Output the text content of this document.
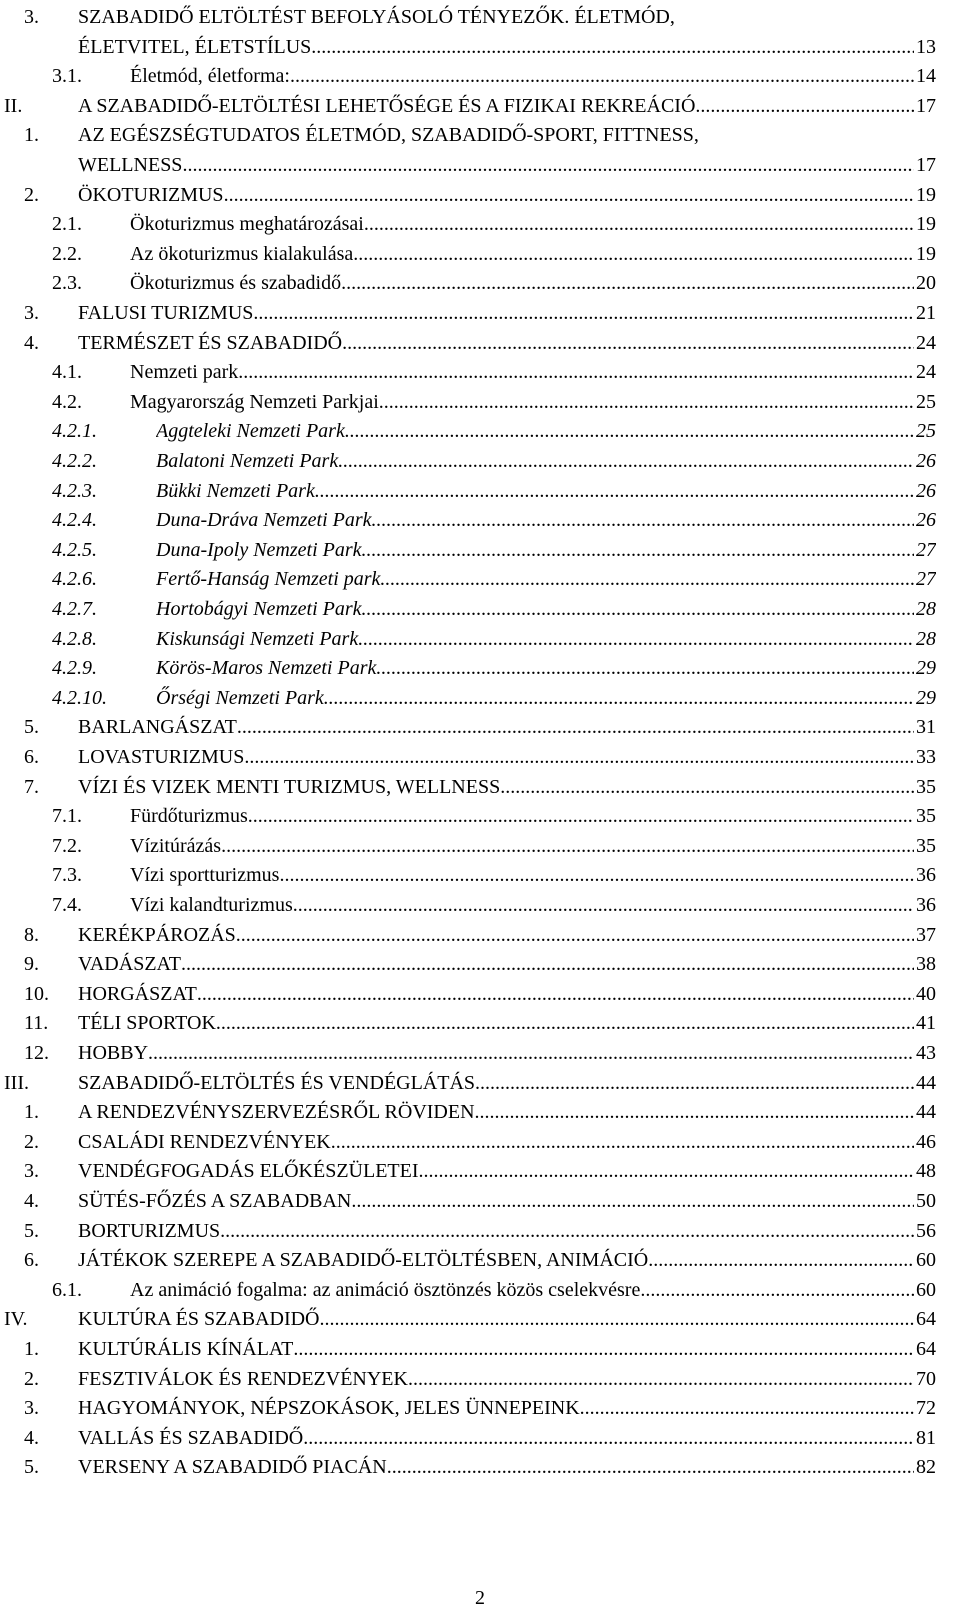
3. SZABADIDŐ ELTÖLTÉST BEFOLYÁSOLÓ TÉNYEZŐK. ÉLETMÓD,
ÉLETVITEL, ÉLETSTÍLUS .....	13
3.1. Életmód, életforma: .....	14
II.	A SZABADIDŐ-ELTÖLTÉSI LEHETŐSÉGE ÉS A FIZIKAI REKREÁCIÓ .....	17
1. AZ EGÉSZSÉGTUDATOS ÉLETMÓD, SZABADIDŐ-SPORT, FITTNESS,
WELLNESS .....	17
2. ÖKOTURIZMUS .....	19
2.1. Ökoturizmus meghatározásai .....	19
2.2. Az ökoturizmus kialakulása .....	19
2.3. Ökoturizmus és szabadidő .....	20
3. FALUSI TURIZMUS .....	21
4. TERMÉSZET ÉS SZABADIDŐ .....	24
4.1. Nemzeti park .....	24
4.2. Magyarország Nemzeti Parkjai .....	25
4.2.1.	Aggteleki Nemzeti Park .....	25
4.2.2.	Balatoni Nemzeti Park .....	26
4.2.3.	Bükki Nemzeti Park .....	26
4.2.4.	Duna-Dráva Nemzeti Park .....	26
4.2.5.	Duna-Ipoly Nemzeti Park .....	27
4.2.6.	Fertő-Hanság Nemzeti park .....	27
4.2.7.	Hortobágyi Nemzeti Park .....	28
4.2.8.	Kiskunsági Nemzeti Park .....	28
4.2.9.	Körös-Maros Nemzeti Park .....	29
4.2.10. Őrségi Nemzeti Park .....	29
5. BARLANGÁSZAT .....	31
6. LOVASTURIZMUS .....	33
7. VÍZI ÉS VIZEK MENTI TURIZMUS, WELLNESS .....	35
7.1. Fürdőturizmus .....	35
7.2. Vízitúrázás .....	35
7.3. Vízi sportturizmus .....	36
7.4. Vízi kalandturizmus .....	36
8. KERÉKPÁROZÁS .....	37
9. VADÁSZAT .....	38
10. HORGÁSZAT .....	40
11. TÉLI SPORTOK .....	41
12. HOBBY .....	43
III. SZABADIDŐ-ELTÖLTÉS ÉS VENDÉGLÁTÁS .....	44
1. A RENDEZVÉNYSZERVEZÉSRŐL RÖVIDEN .....	44
2. CSALÁDI RENDEZVÉNYEK .....	46
3. VENDÉGFOGADÁS ELŐKÉSZÜLETEI .....	48
4. SÜTÉS-FŐZÉS A SZABADBAN .....	50
5. BORTURIZMUS .....	56
6. JÁTÉKOK SZEREPE A SZABADIDŐ-ELTÖLTÉSBEN, ANIMÁCIÓ. .....	60
6.1. Az animáció fogalma: az animáció ösztönzés közös cselekvésre .....	60
IV.	KULTÚRA ÉS SZABADIDŐ .....	64
1. KULTÚRÁLIS KÍNÁLAT .....	64
2. FESZTIVÁLOK ÉS RENDEZVÉNYEK .....	70
3. HAGYOMÁNYOK, NÉPSZOKÁSOK, JELES ÜNNEPEINK .....	72
4. VALLÁS ÉS SZABADIDŐ .....	81
5. VERSENY A SZABADIDŐ PIACÁN .....	82
2
